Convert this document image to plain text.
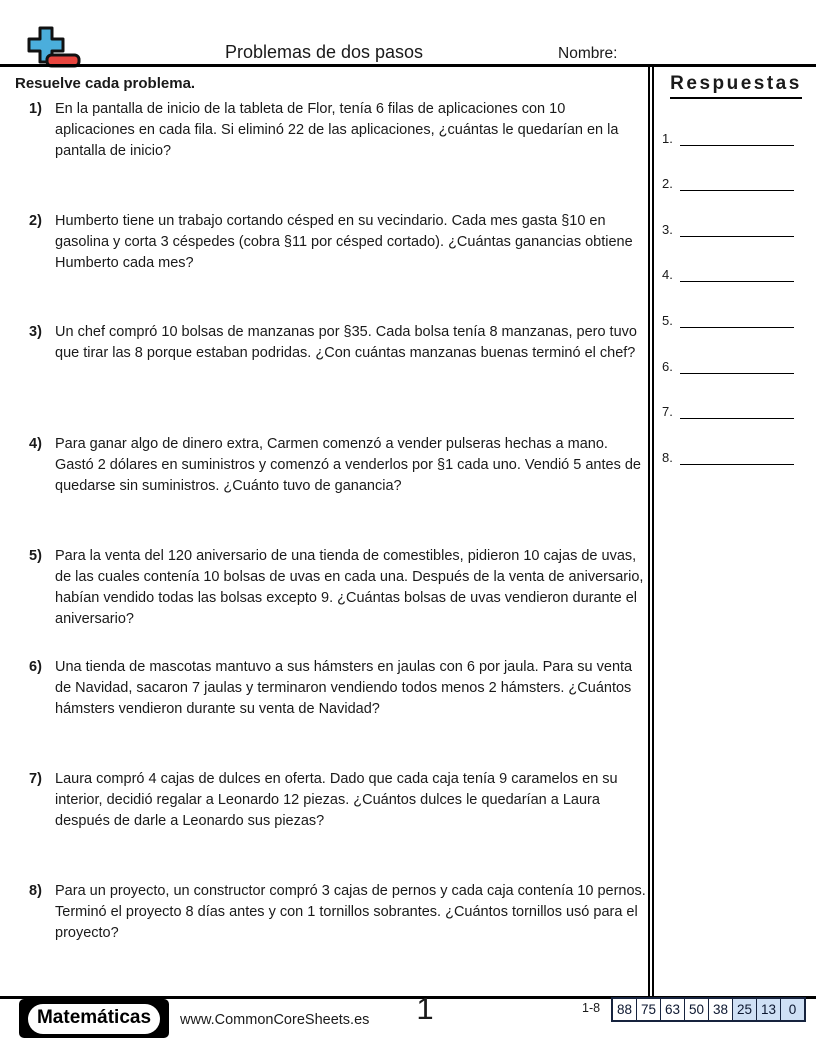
Problemas de dos pasos	Nombre:
Resuelve cada problema.
1) En la pantalla de inicio de la tableta de Flor, tenía 6 filas de aplicaciones con 10 aplicaciones en cada fila. Si eliminó 22 de las aplicaciones, ¿cuántas le quedarían en la pantalla de inicio?
2) Humberto tiene un trabajo cortando césped en su vecindario. Cada mes gasta §10 en gasolina y corta 3 céspedes (cobra §11 por césped cortado). ¿Cuántas ganancias obtiene Humberto cada mes?
3) Un chef compró 10 bolsas de manzanas por §35. Cada bolsa tenía 8 manzanas, pero tuvo que tirar las 8 porque estaban podridas. ¿Con cuántas manzanas buenas terminó el chef?
4) Para ganar algo de dinero extra, Carmen comenzó a vender pulseras hechas a mano. Gastó 2 dólares en suministros y comenzó a venderlos por §1 cada uno. Vendió 5 antes de quedarse sin suministros. ¿Cuánto tuvo de ganancia?
5) Para la venta del 120 aniversario de una tienda de comestibles, pidieron 10 cajas de uvas, de las cuales contenía 10 bolsas de uvas en cada una. Después de la venta de aniversario, habían vendido todas las bolsas excepto 9. ¿Cuántas bolsas de uvas vendieron durante el aniversario?
6) Una tienda de mascotas mantuvo a sus hámsters en jaulas con 6 por jaula. Para su venta de Navidad, sacaron 7 jaulas y terminaron vendiendo todos menos 2 hámsters. ¿Cuántos hámsters vendieron durante su venta de Navidad?
7) Laura compró 4 cajas de dulces en oferta. Dado que cada caja tenía 9 caramelos en su interior, decidió regalar a Leonardo 12 piezas. ¿Cuántos dulces le quedarían a Laura después de darle a Leonardo sus piezas?
8) Para un proyecto, un constructor compró 3 cajas de pernos y cada caja contenía 10 pernos. Terminó el proyecto 8 días antes y con 1 tornillos sobrantes. ¿Cuántos tornillos usó para el proyecto?
Respuestas
1.
2.
3.
4.
5.
6.
7.
8.
Matemáticas	www.CommonCoreSheets.es	1	1-8 88 75 63 50 38 25 13 0
